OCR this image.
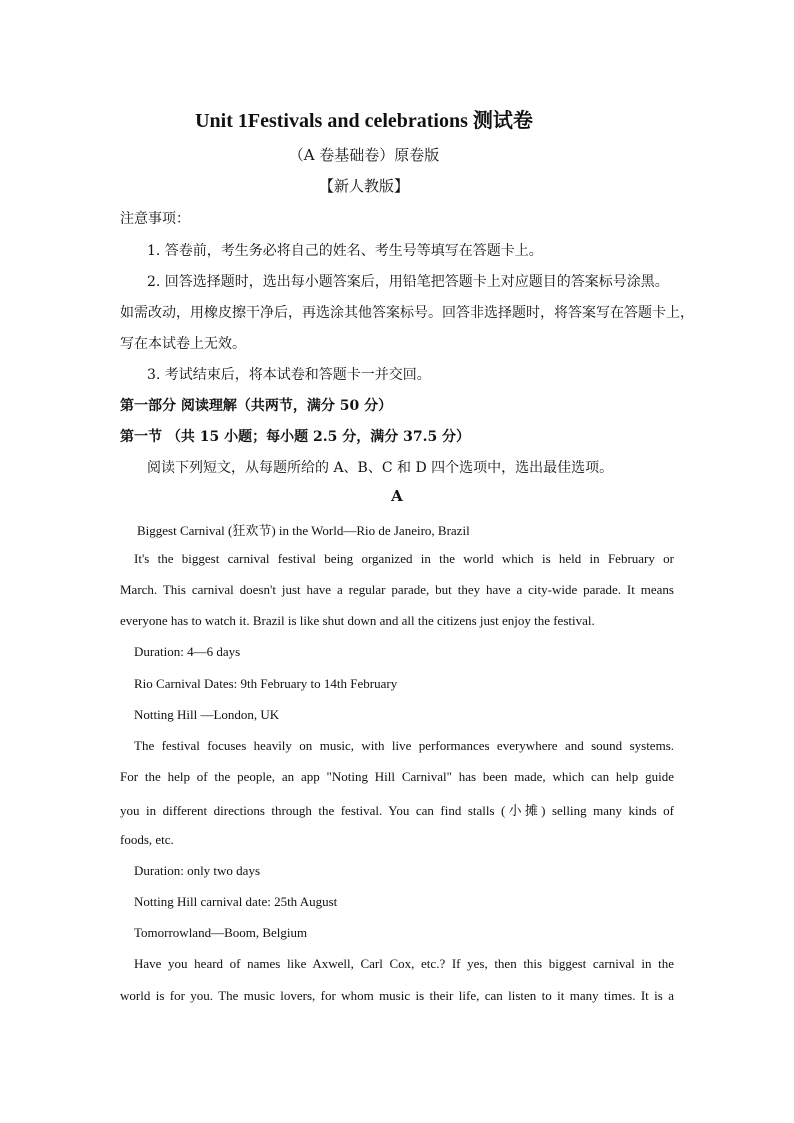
Unit 1Festivals and celebrations 测试卷
（A 卷基础卷）原卷版
【新人教版】
注意事项：
1. 答卷前，考生务必将自己的姓名、考生号等填写在答题卡上。
2. 回答选择题时，选出每小题答案后，用铅笔把答题卡上对应题目的答案标号涂黑。
如需改动，用橡皮擦干净后，再选涂其他答案标号。回答非选择题时，将答案写在答题卡上，
写在本试卷上无效。
3. 考试结束后，将本试卷和答题卡一并交回。
第一部分 阅读理解（共两节，满分 50 分）
第一节 （共 15 小题；每小题 2.5 分，满分 37.5 分）
阅读下列短文，从每题所给的 A、B、C 和 D 四个选项中，选出最佳选项。
A
Biggest Carnival (狂欢节) in the World—Rio de Janeiro, Brazil
It's the biggest carnival festival being organized in the world which is held in February or
March. This carnival doesn't just have a regular parade, but they have a city-wide parade. It means
everyone has to watch it. Brazil is like shut down and all the citizens just enjoy the festival.
Duration: 4—6 days
Rio Carnival Dates: 9th February to 14th February
Notting Hill —London, UK
The festival focuses heavily on music, with live performances everywhere and sound systems.
For the help of the people, an app "Noting Hill Carnival" has been made, which can help guide
you in different directions through the festival. You can find stalls (小摊) selling many kinds of
foods, etc.
Duration: only two days
Notting Hill carnival date: 25th August
Tomorrowland—Boom, Belgium
Have you heard of names like Axwell, Carl Cox, etc.? If yes, then this biggest carnival in the
world is for you. The music lovers, for whom music is their life, can listen to it many times. It is a
